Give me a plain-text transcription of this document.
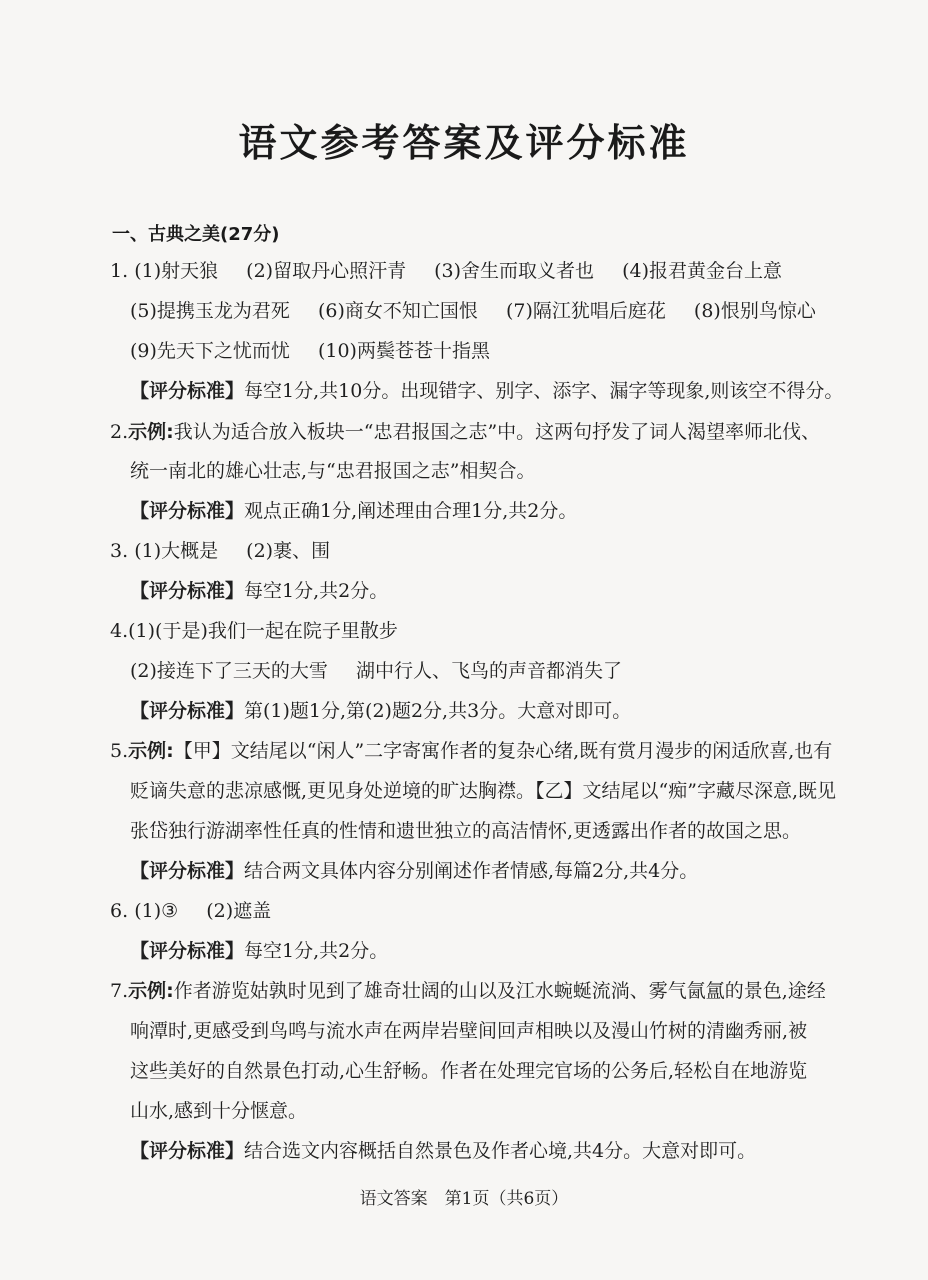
语文参考答案及评分标准
一、古典之美(27分)
1. (1)射天狼 (2)留取丹心照汗青 (3)舍生而取义者也 (4)报君黄金台上意
(5)提携玉龙为君死 (6)商女不知亡国恨 (7)隔江犹唱后庭花 (8)恨别鸟惊心
(9)先天下之忧而忧 (10)两鬓苍苍十指黑
【评分标准】每空1分,共10分。出现错字、别字、添字、漏字等现象,则该空不得分。
2.示例:我认为适合放入板块一“忠君报国之志”中。这两句抒发了词人渴望率师北伐、
统一南北的雄心壮志,与“忠君报国之志”相契合。
【评分标准】观点正确1分,阐述理由合理1分,共2分。
3. (1)大概是 (2)裹、围
【评分标准】每空1分,共2分。
4.(1)(于是)我们一起在院子里散步
(2)接连下了三天的大雪 湖中行人、飞鸟的声音都消失了
【评分标准】第(1)题1分,第(2)题2分,共3分。大意对即可。
5.示例:【甲】文结尾以“闲人”二字寄寓作者的复杂心绪,既有赏月漫步的闲适欣喜,也有
贬谪失意的悲凉感慨,更见身处逆境的旷达胸襟。【乙】文结尾以“痴”字藏尽深意,既见
张岱独行游湖率性任真的性情和遗世独立的高洁情怀,更透露出作者的故国之思。
【评分标准】结合两文具体内容分别阐述作者情感,每篇2分,共4分。
6. (1)③ (2)遮盖
【评分标准】每空1分,共2分。
7.示例:作者游览姑孰时见到了雄奇壮阔的山以及江水蜿蜒流淌、雾气氤氲的景色,途经
响潭时,更感受到鸟鸣与流水声在两岸岩壁间回声相映以及漫山竹树的清幽秀丽,被
这些美好的自然景色打动,心生舒畅。作者在处理完官场的公务后,轻松自在地游览
山水,感到十分惬意。
【评分标准】结合选文内容概括自然景色及作者心境,共4分。大意对即可。
语文答案　第1页（共6页）
